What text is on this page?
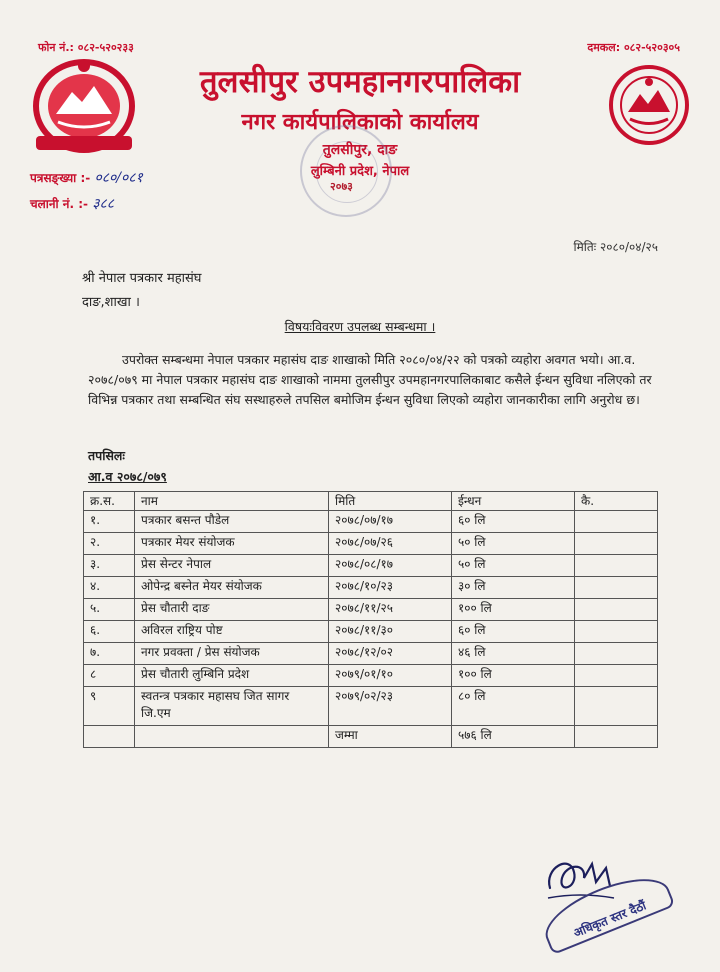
फोन नं.: ०८२-५२०२३३	दमकल: ०८२-५२०३०५
तुलसीपुर उपमहानगरपालिका
नगर कार्यपालिकाको कार्यालय
तुलसीपुर, दाङ
लुम्बिनी प्रदेश, नेपाल
२०७३
पत्रसङ्ख्या :- ०८०/०८१
चलानी नं. :- ३८८
मितिः २०८०/०४/२५
श्री नेपाल पत्रकार महासंघ
दाङ,शाखा ।
विषयःविवरण उपलब्ध सम्बन्धमा ।
उपरोक्त सम्बन्धमा नेपाल पत्रकार महासंघ दाङ शाखाको मिति २०८०/०४/२२ को पत्रको व्यहोरा अवगत भयो। आ.व. २०७८/०७९ मा नेपाल पत्रकार महासंघ दाङ शाखाको नाममा तुलसीपुर उपमहानगरपालिकाबाट कसैले ईन्धन सुविधा नलिएको तर विभिन्न पत्रकार तथा सम्बन्धित संघ सस्थाहरुले तपसिल बमोजिम ईन्धन सुविधा लिएको व्यहोरा जानकारीका लागि अनुरोध छ।
तपसिलः
आ.व २०७८/०७९
क्र.स.	नाम	मिति	ईन्धन	कै.
१.	पत्रकार बसन्त पौडेल	२०७८/०७/१७	६० लि	
२.	पत्रकार मेयर संयोजक	२०७८/०७/२६	५० लि	
३.	प्रेस सेन्टर नेपाल	२०७८/०८/१७	५० लि	
४.	ओपेन्द्र बस्नेत मेयर संयोजक	२०७८/१०/२३	३० लि	
५.	प्रेस चौतारी दाङ	२०७८/११/२५	१०० लि	
६.	अविरल राष्ट्रिय पोष्ट	२०७८/११/३०	६० लि	
७.	नगर प्रवक्ता / प्रेस संयोजक	२०७८/१२/०२	४६ लि	
८	प्रेस चौतारी लुम्बिनि प्रदेश	२०७९/०१/१०	१०० लि	
९	स्वतन्त्र पत्रकार महासघ जित सागर जि.एम	२०७९/०२/२३	८० लि	
		जम्मा	५७६ लि	
अधिकृत स्तर दैठौं
